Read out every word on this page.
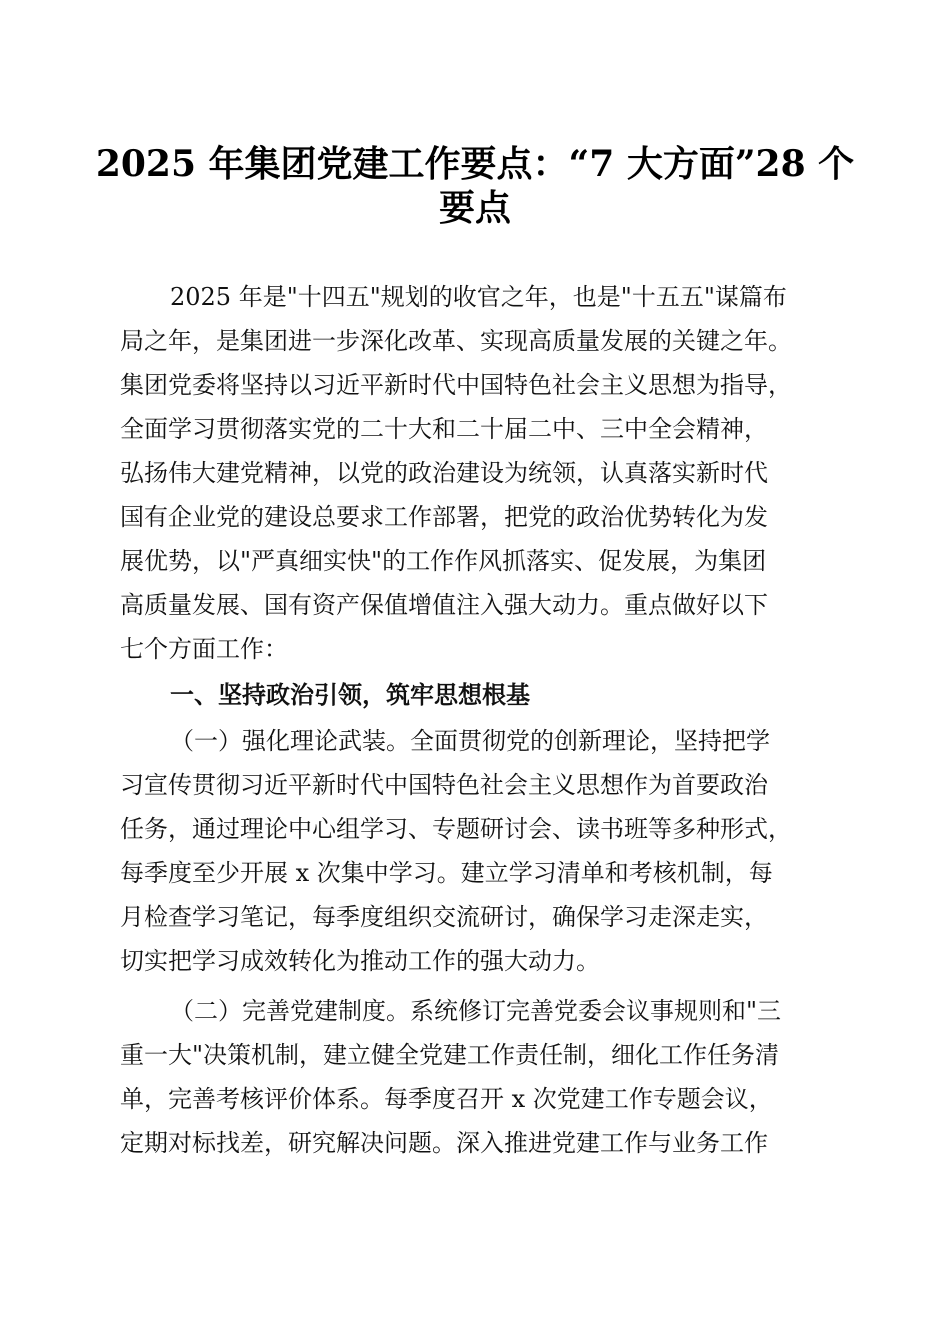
2025 年集团党建工作要点：“7 大方面”28 个
要点
2025 年是"十四五"规划的收官之年，也是"十五五"谋篇布
局之年，是集团进一步深化改革、实现高质量发展的关键之年。
集团党委将坚持以习近平新时代中国特色社会主义思想为指导，
全面学习贯彻落实党的二十大和二十届二中、三中全会精神，
弘扬伟大建党精神，以党的政治建设为统领，认真落实新时代
国有企业党的建设总要求工作部署，把党的政治优势转化为发
展优势，以"严真细实快"的工作作风抓落实、促发展，为集团
高质量发展、国有资产保值增值注入强大动力。重点做好以下
七个方面工作：
一、坚持政治引领，筑牢思想根基
（一）强化理论武装。全面贯彻党的创新理论，坚持把学
习宣传贯彻习近平新时代中国特色社会主义思想作为首要政治
任务，通过理论中心组学习、专题研讨会、读书班等多种形式，
每季度至少开展 x 次集中学习。建立学习清单和考核机制，每
月检查学习笔记，每季度组织交流研讨，确保学习走深走实，
切实把学习成效转化为推动工作的强大动力。
（二）完善党建制度。系统修订完善党委会议事规则和"三
重一大"决策机制，建立健全党建工作责任制，细化工作任务清
单，完善考核评价体系。每季度召开 x 次党建工作专题会议，
定期对标找差，研究解决问题。深入推进党建工作与业务工作
